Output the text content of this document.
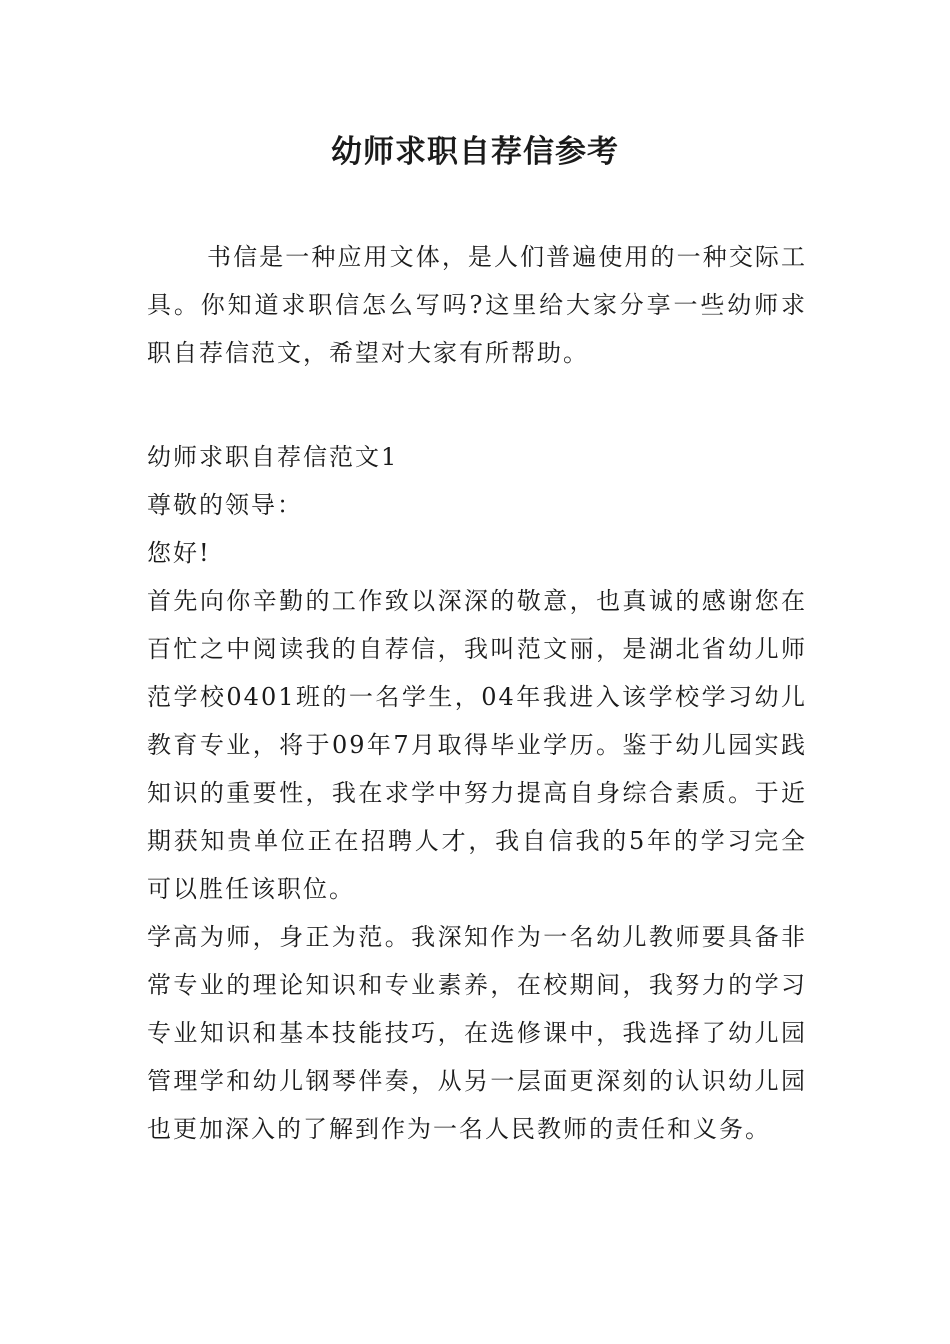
幼师求职自荐信参考

书信是一种应用文体，是人们普遍使用的一种交际工具。你知道求职信怎么写吗?这里给大家分享一些幼师求职自荐信范文，希望对大家有所帮助。

幼师求职自荐信范文1

尊敬的领导：

您好!

首先向你辛勤的工作致以深深的敬意，也真诚的感谢您在百忙之中阅读我的自荐信，我叫范文丽，是湖北省幼儿师范学校0401班的一名学生，04年我进入该学校学习幼儿教育专业，将于09年7月取得毕业学历。鉴于幼儿园实践知识的重要性，我在求学中努力提高自身综合素质。于近期获知贵单位正在招聘人才，我自信我的5年的学习完全可以胜任该职位。

学高为师，身正为范。我深知作为一名幼儿教师要具备非常专业的理论知识和专业素养，在校期间，我努力的学习专业知识和基本技能技巧，在选修课中，我选择了幼儿园管理学和幼儿钢琴伴奏，从另一层面更深刻的认识幼儿园也更加深入的了解到作为一名人民教师的责任和义务。
